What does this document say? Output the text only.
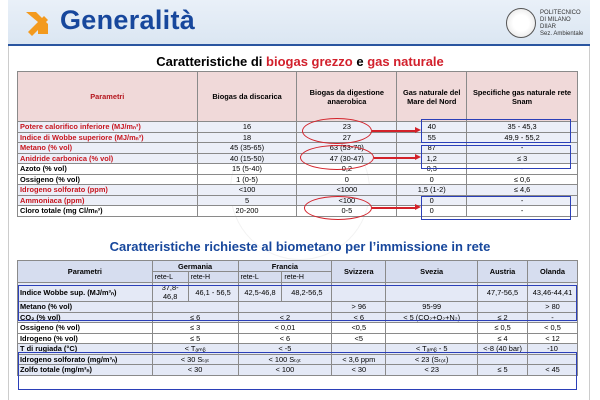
Generalità	POLITECNICO
DI MILANO
DIIAR
Sez. Ambientale
Caratteristiche di biogas grezzo e gas naturale
Parametri	Biogas da discarica	Biogas da digestione anaerobica	Gas naturale del Mare del Nord	Specifiche gas naturale rete Snam
Potere calorifico inferiore (MJ/mₙ³)	16	23	40	35 - 45,3
Indice di Wobbe superiore (MJ/mₙ³)	18	27	55	49,9 - 55,2
Metano (% vol)	45 (35-65)	63 (53-70)	87	-
Anidride carbonica (% vol)	40 (15-50)	47 (30-47)	1,2	≤ 3
Azoto (% vol)	15 (5-40)	0,2	0,3	-
Ossigeno (% vol)	1 (0-5)	0	0	≤ 0,6
Idrogeno solforato (ppm)	<100	<1000	1,5 (1-2)	≤ 4,6
Ammoniaca (ppm)	5	<100	0	-
Cloro totale (mg Cl/mₙ³)	20-200	0-5	0	-
Caratteristiche richieste al biometano per l’immissione in rete
Parametri	Germania		Francia		Svizzera	Svezia	Austria	Olanda
	rete-L	rete-H	rete-L	rete-H				
Indice Wobbe sup. (MJ/m³ₙ)	37,8-46,8	46,1 - 56,5	42,5-46,8	48,2-56,5			47,7-56,5	43,46-44,41
Metano (% vol)					> 96	95-99		> 80
CO₂ (% vol)	≤ 6		< 2		< 6	< 5 (CO₂+O₂+N₂)	≤ 2	-
Ossigeno (% vol)	≤ 3		< 0,01		<0,5		≤ 0,5	< 0,5
Idrogeno (% vol)	≤ 5		< 6		<5		≤ 4	< 12
T di rugiada (°C)	< Tₐₘᵦ		< -5			< Tₐₘᵦ - 5	<-8 (40 bar)	-10
Idrogeno solforato (mg/m³ₙ)	< 30 Sₜₒₜ		< 100 Sₜₒₜ		< 3,6 ppm	< 23 (Sₜₒₜ)		
Zolfo totale (mg/m³ₙ)	< 30		< 100		< 30	< 23	≤ 5	< 45
